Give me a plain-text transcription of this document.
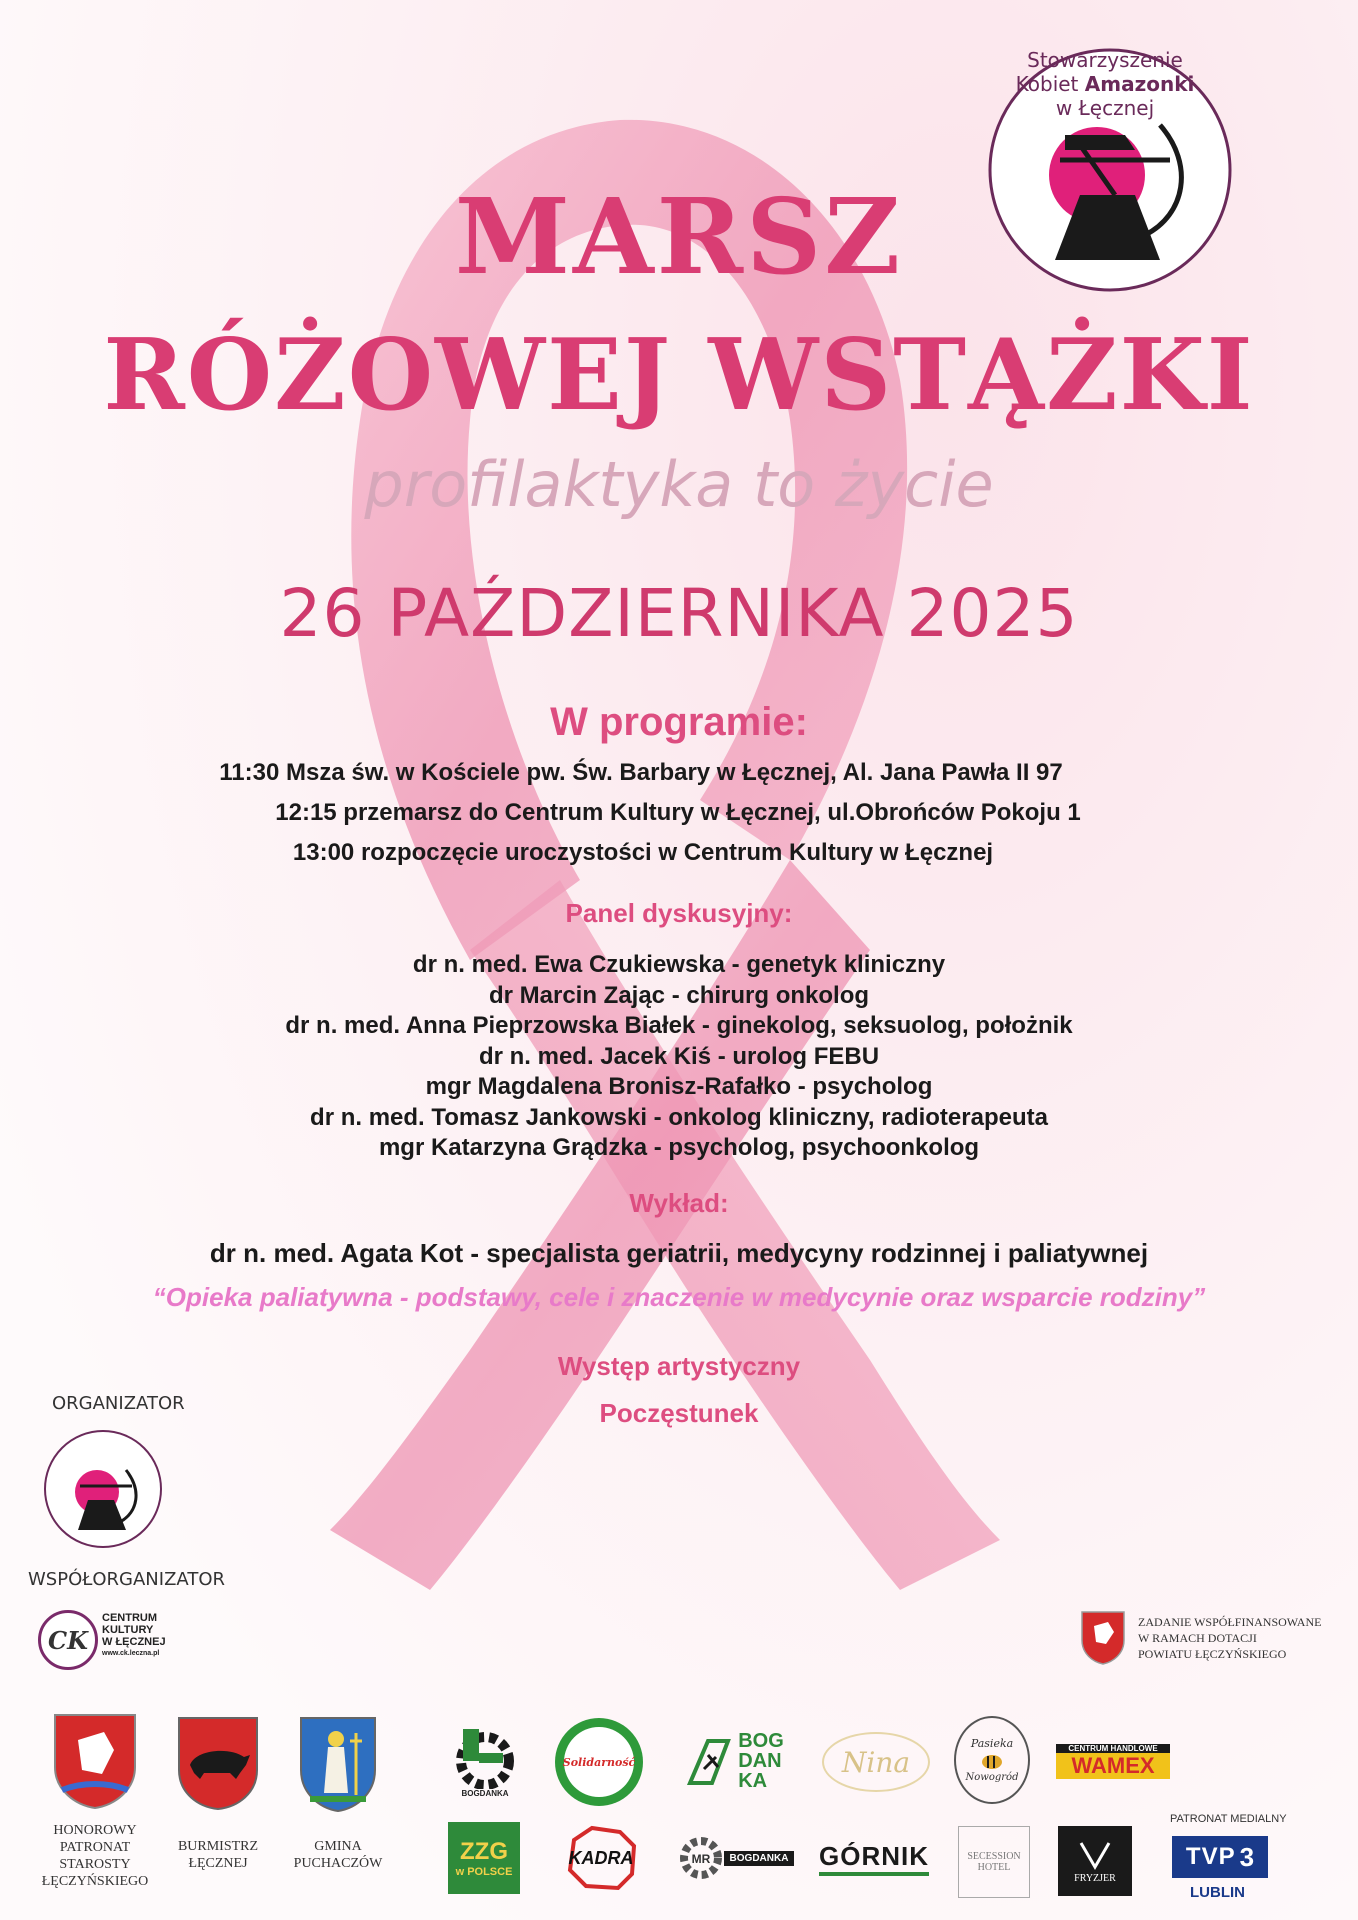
MARSZ
RÓŻOWEJ WSTĄŻKI
profilaktyka to życie
26 PAŹDZIERNIKA 2025
W programie:
11:30 Msza św. w Kościele pw. Św. Barbary w Łęcznej, Al. Jana Pawła II 97
12:15 przemarsz do Centrum Kultury w Łęcznej, ul.Obrońców Pokoju 1
13:00 rozpoczęcie uroczystości w Centrum Kultury w Łęcznej
Panel dyskusyjny:
dr n. med. Ewa Czukiewska - genetyk kliniczny
dr Marcin Zając - chirurg onkolog
dr n. med. Anna Pieprzowska Białek - ginekolog, seksuolog, położnik
dr n. med. Jacek Kiś - urolog FEBU
mgr Magdalena Bronisz-Rafałko - psycholog
dr n. med. Tomasz Jankowski - onkolog kliniczny, radioterapeuta
mgr Katarzyna Grądzka - psycholog, psychoonkolog
Wykład:
dr n. med. Agata Kot - specjalista geriatrii, medycyny rodzinnej i paliatywnej
“Opieka paliatywna - podstawy, cele i znaczenie w medycynie oraz wsparcie rodziny”
Występ artystyczny
Poczęstunek
Stowarzyszenie Kobiet Amazonki w Łęcznej
ORGANIZATOR
WSPÓŁORGANIZATOR
CK
CENTRUM
KULTURY
W ŁĘCZNEJ
www.ck.leczna.pl
ZADANIE WSPÓŁFINANSOWANE
W RAMACH DOTACJI
POWIATU ŁĘCZYŃSKIEGO
HONOROWY
PATRONAT
STAROSTY
ŁĘCZYŃSKIEGO
BURMISTRZ
ŁĘCZNEJ
GMINA
PUCHACZÓW
BOGDANKA
Solidarność
BOG
DAN
KA
Nina
Pasieka
Nowogród
CENTRUM HANDLOWE
WAMEX
ZZG
w POLSCE
KADRA	MR	BOGDANKA GÓRNIK	SECESSION
HOTEL
FRYZJER
PATRONAT MEDIALNY
TVP 3
LUBLIN
